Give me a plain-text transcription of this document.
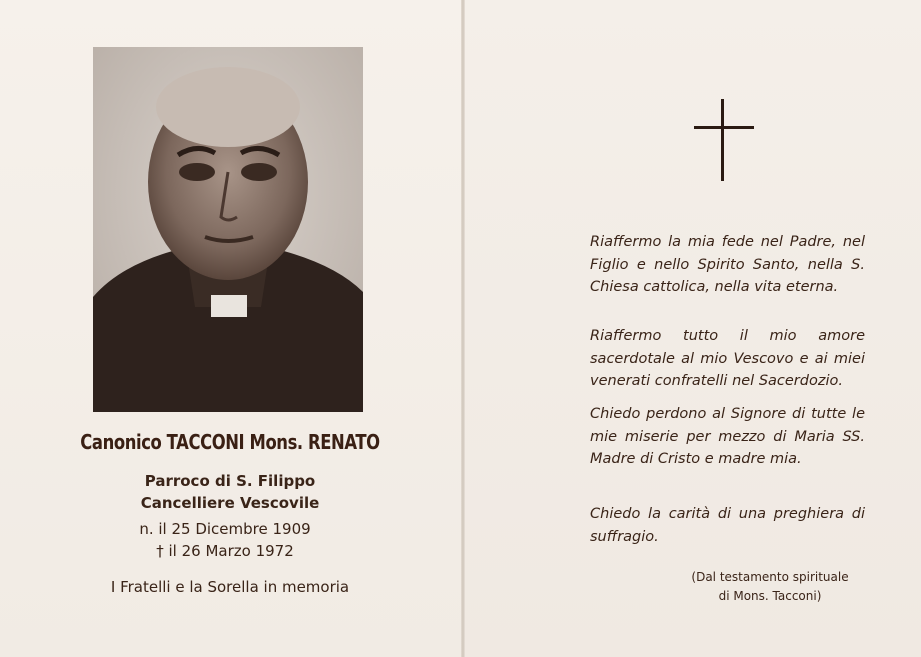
Canonico TACCONI Mons. RENATO
Parroco di S. Filippo
Cancelliere Vescovile
n. il 25 Dicembre 1909
† il 26 Marzo 1972
I Fratelli e la Sorella in memoria

Riaffermo la mia fede nel Padre, nel Figlio e nello Spirito Santo, nella S. Chiesa cattolica, nella vita eterna.

Riaffermo tutto il mio amore sacerdotale al mio Vescovo e ai miei venerati confratelli nel Sacerdozio.

Chiedo perdono al Signore di tutte le mie miserie per mezzo di Maria SS. Madre di Cristo e madre mia.

Chiedo la carità di una preghiera di suffragio.

(Dal testamento spirituale
di Mons. Tacconi)
